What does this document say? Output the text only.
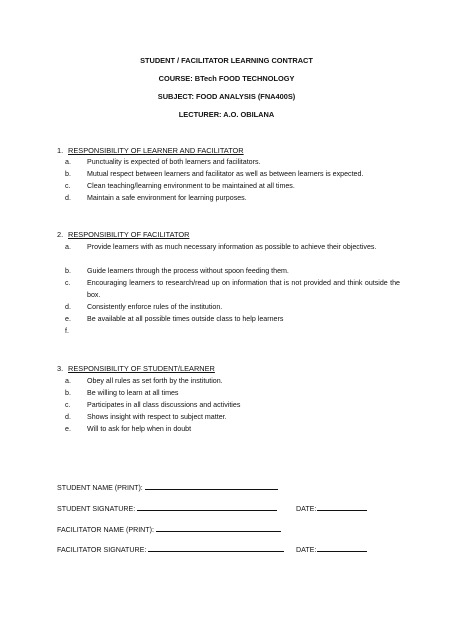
STUDENT / FACILITATOR LEARNING CONTRACT
COURSE: BTech FOOD TECHNOLOGY
SUBJECT: FOOD ANALYSIS (FNA400S)
LECTURER: A.O. OBILANA
1. RESPONSIBILITY OF LEARNER AND FACILITATOR
a. Punctuality is expected of both learners and facilitators.
b. Mutual respect between learners and facilitator as well as between learners is expected.
c. Clean teaching/learning environment to be maintained at all times.
d. Maintain a safe environment for learning purposes.
2. RESPONSIBILITY OF FACILITATOR
a. Provide learners with as much necessary information as possible to achieve their objectives.
b. Guide learners through the process without spoon feeding them.
c. Encouraging learners to research/read up on information that is not provided and think outside the box.
d. Consistently enforce rules of the institution.
e. Be available at all possible times outside class to help learners
f.
3. RESPONSIBILITY OF STUDENT/LEARNER
a. Obey all rules as set forth by the institution.
b. Be willing to learn at all times
c. Participates in all class discussions and activities
d. Shows insight with respect to subject matter.
e. Will to ask for help when in doubt
STUDENT NAME (PRINT):
STUDENT SIGNATURE:	DATE:
FACILITATOR NAME (PRINT):
FACILITATOR SIGNATURE:	DATE:
